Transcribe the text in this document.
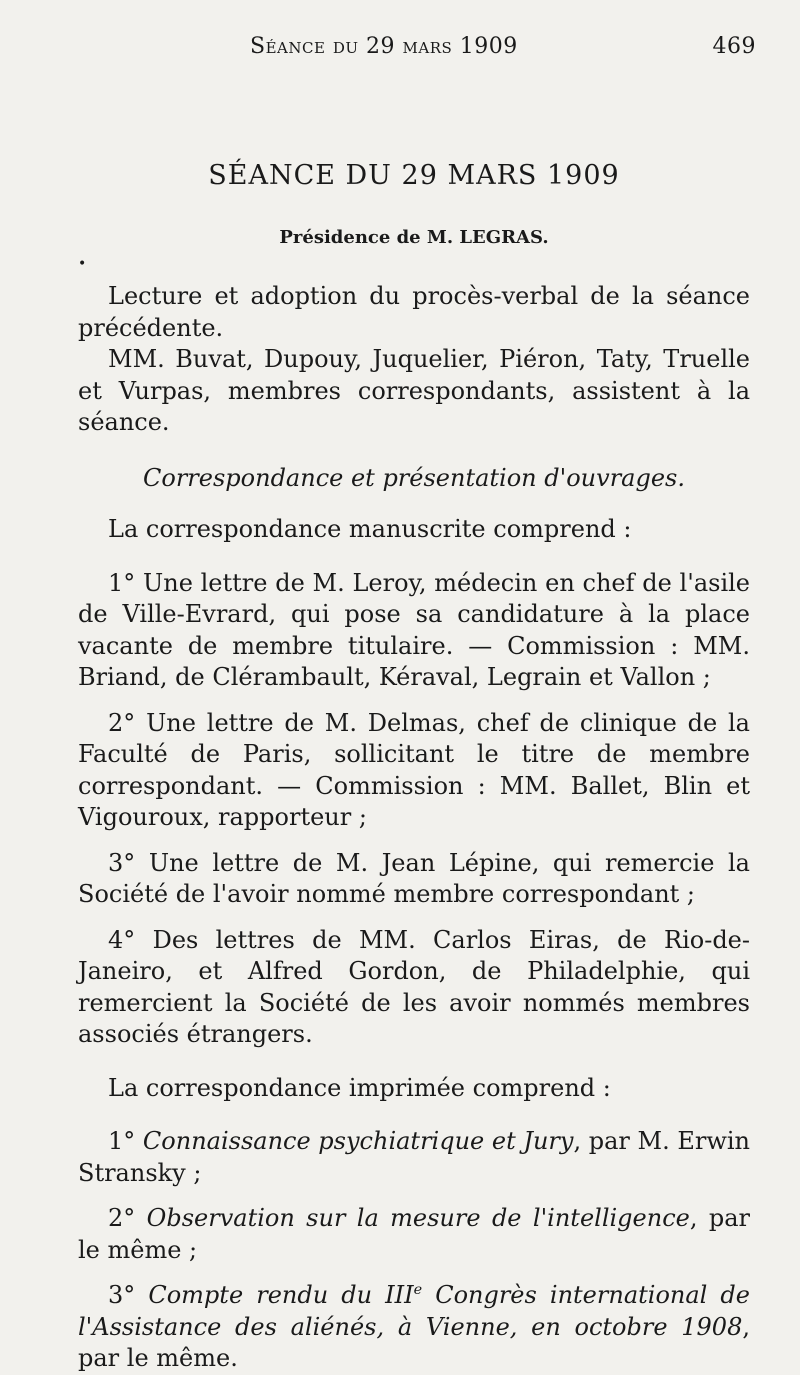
Séance du 29 mars 1909	469

SÉANCE DU 29 MARS 1909

Présidence de M. LEGRAS.

•

Lecture et adoption du procès-verbal de la séance précédente.

MM. Buvat, Dupouy, Juquelier, Piéron, Taty, Truelle et Vurpas, membres correspondants, assistent à la séance.

Correspondance et présentation d'ouvrages.

La correspondance manuscrite comprend :

1° Une lettre de M. Leroy, médecin en chef de l'asile de Ville-Evrard, qui pose sa candidature à la place vacante de membre titulaire. — Commission : MM. Briand, de Clérambault, Kéraval, Legrain et Vallon ;

2° Une lettre de M. Delmas, chef de clinique de la Faculté de Paris, sollicitant le titre de membre correspondant. — Commission : MM. Ballet, Blin et Vigouroux, rapporteur ;

3° Une lettre de M. Jean Lépine, qui remercie la Société de l'avoir nommé membre correspondant ;

4° Des lettres de MM. Carlos Eiras, de Rio-de-Janeiro, et Alfred Gordon, de Philadelphie, qui remercient la Société de les avoir nommés membres associés étrangers.

La correspondance imprimée comprend :

1° Connaissance psychiatrique et Jury, par M. Erwin Stransky ;

2° Observation sur la mesure de l'intelligence, par le même ;

3° Compte rendu du IIIe Congrès international de l'Assistance des aliénés, à Vienne, en octobre 1908, par le même.
